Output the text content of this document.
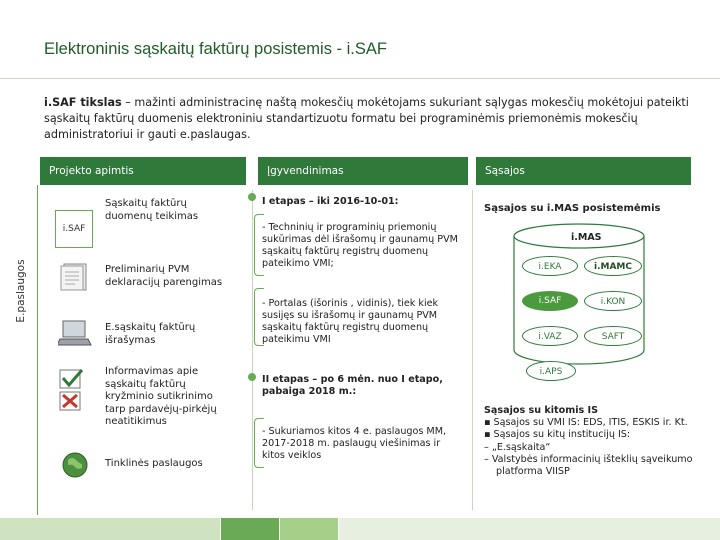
Elektroninis sąskaitų faktūrų posistemis - i.SAF
i.SAF tikslas – mažinti administracinę naštą mokesčių mokėtojams sukuriant sąlygas mokesčių mokėtojui pateikti sąskaitų faktūrų duomenis elektroniniu standartizuotu formatu bei programinėmis priemonėmis mokesčių administratoriui ir gauti e.paslaugas.
E.paslaugos
Projekto apimtis	Įgyvendinimas	Sąsajos
i.SAF
Sąskaitų faktūrų duomenų teikimas
Preliminarių PVM deklaracijų parengimas
E.sąskaitų faktūrų išrašymas
Informavimas apie sąskaitų faktūrų kryžminio sutikrinimo tarp pardavėjų-pirkėjų neatitikimus
Tinklinės paslaugos
I etapas – iki 2016-10-01:
- Techninių ir programinių priemonių sukūrimas dėl išrašomų ir gaunamų PVM sąskaitų faktūrų registrų duomenų pateikimo VMI;
- Portalas (išorinis , vidinis), tiek kiek susijęs su išrašomų ir gaunamų PVM sąskaitų faktūrų registrų duomenų pateikimu VMI
II etapas – po 6 mėn. nuo I etapo, pabaiga 2018 m.:
- Sukuriamos kitos 4 e. paslaugos MM, 2017-2018 m. paslaugų viešinimas ir kitos veiklos
Sąsajos su i.MAS posistemėmis
i.MAS
i.EKA	i.MAMC
i.SAF	i.KON
i.VAZ	SAFT
i.APS
Sąsajos su kitomis IS
▪ Sąsajos su VMI IS: EDS, ITIS, ESKIS ir. Kt.
▪ Sąsajos su kitų institucijų IS:
– „E.sąskaita“
– Valstybės informacinių išteklių sąveikumo platforma VIISP
